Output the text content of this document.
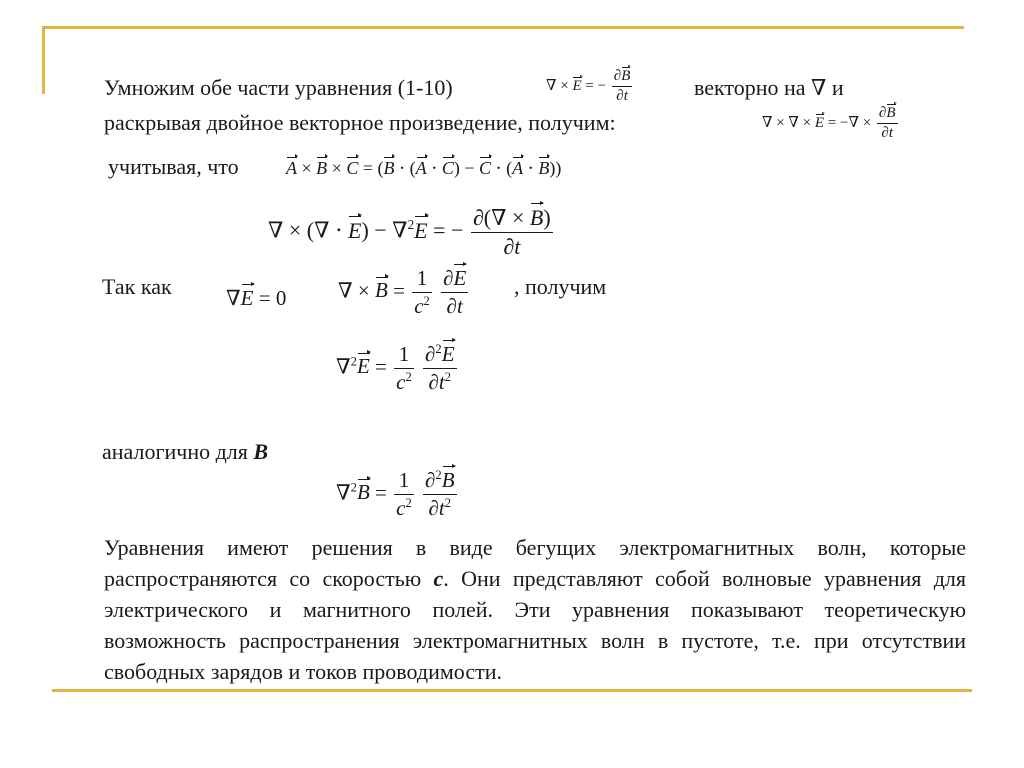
Умножим обе части уравнения (1-10)	∇ × E = − $\frac{\partial B}{\partial t}$	векторно на ∇ и
раскрывая двойное векторное произведение, получим:	∇ × ∇ × E = −∇ × $\frac{\partial B}{\partial t}$
учитывая, что	A × B × C = (B ⋅ (A ⋅ C) − C ⋅ (A ⋅ B))
∇ × (∇ ⋅ E) − ∇$^2$E = − $\frac{\partial(\nabla \times B)}{\partial t}$
Так как	∇E = 0 ∇ × $B = \frac{1}{c^2}$
$\frac{\partial E}{\partial t}$ , получим
$\nabla^2E = \frac{1}{c^2}$
$\frac{\partial^2E}{\partial t^2}$
аналогично для B
$\nabla^2B = \frac{1}{c^2}$
$\frac{\partial^2B}{\partial t^2}$
Уравнения имеют решения в виде бегущих электромагнитных волн, которые распространяются со скоростью c. Они представляют собой волновые уравнения для электрического и магнитного полей. Эти уравнения показывают теоретическую возможность распространения электромагнитных волн в пустоте, т.е. при отсутствии свободных зарядов и токов проводимости.
